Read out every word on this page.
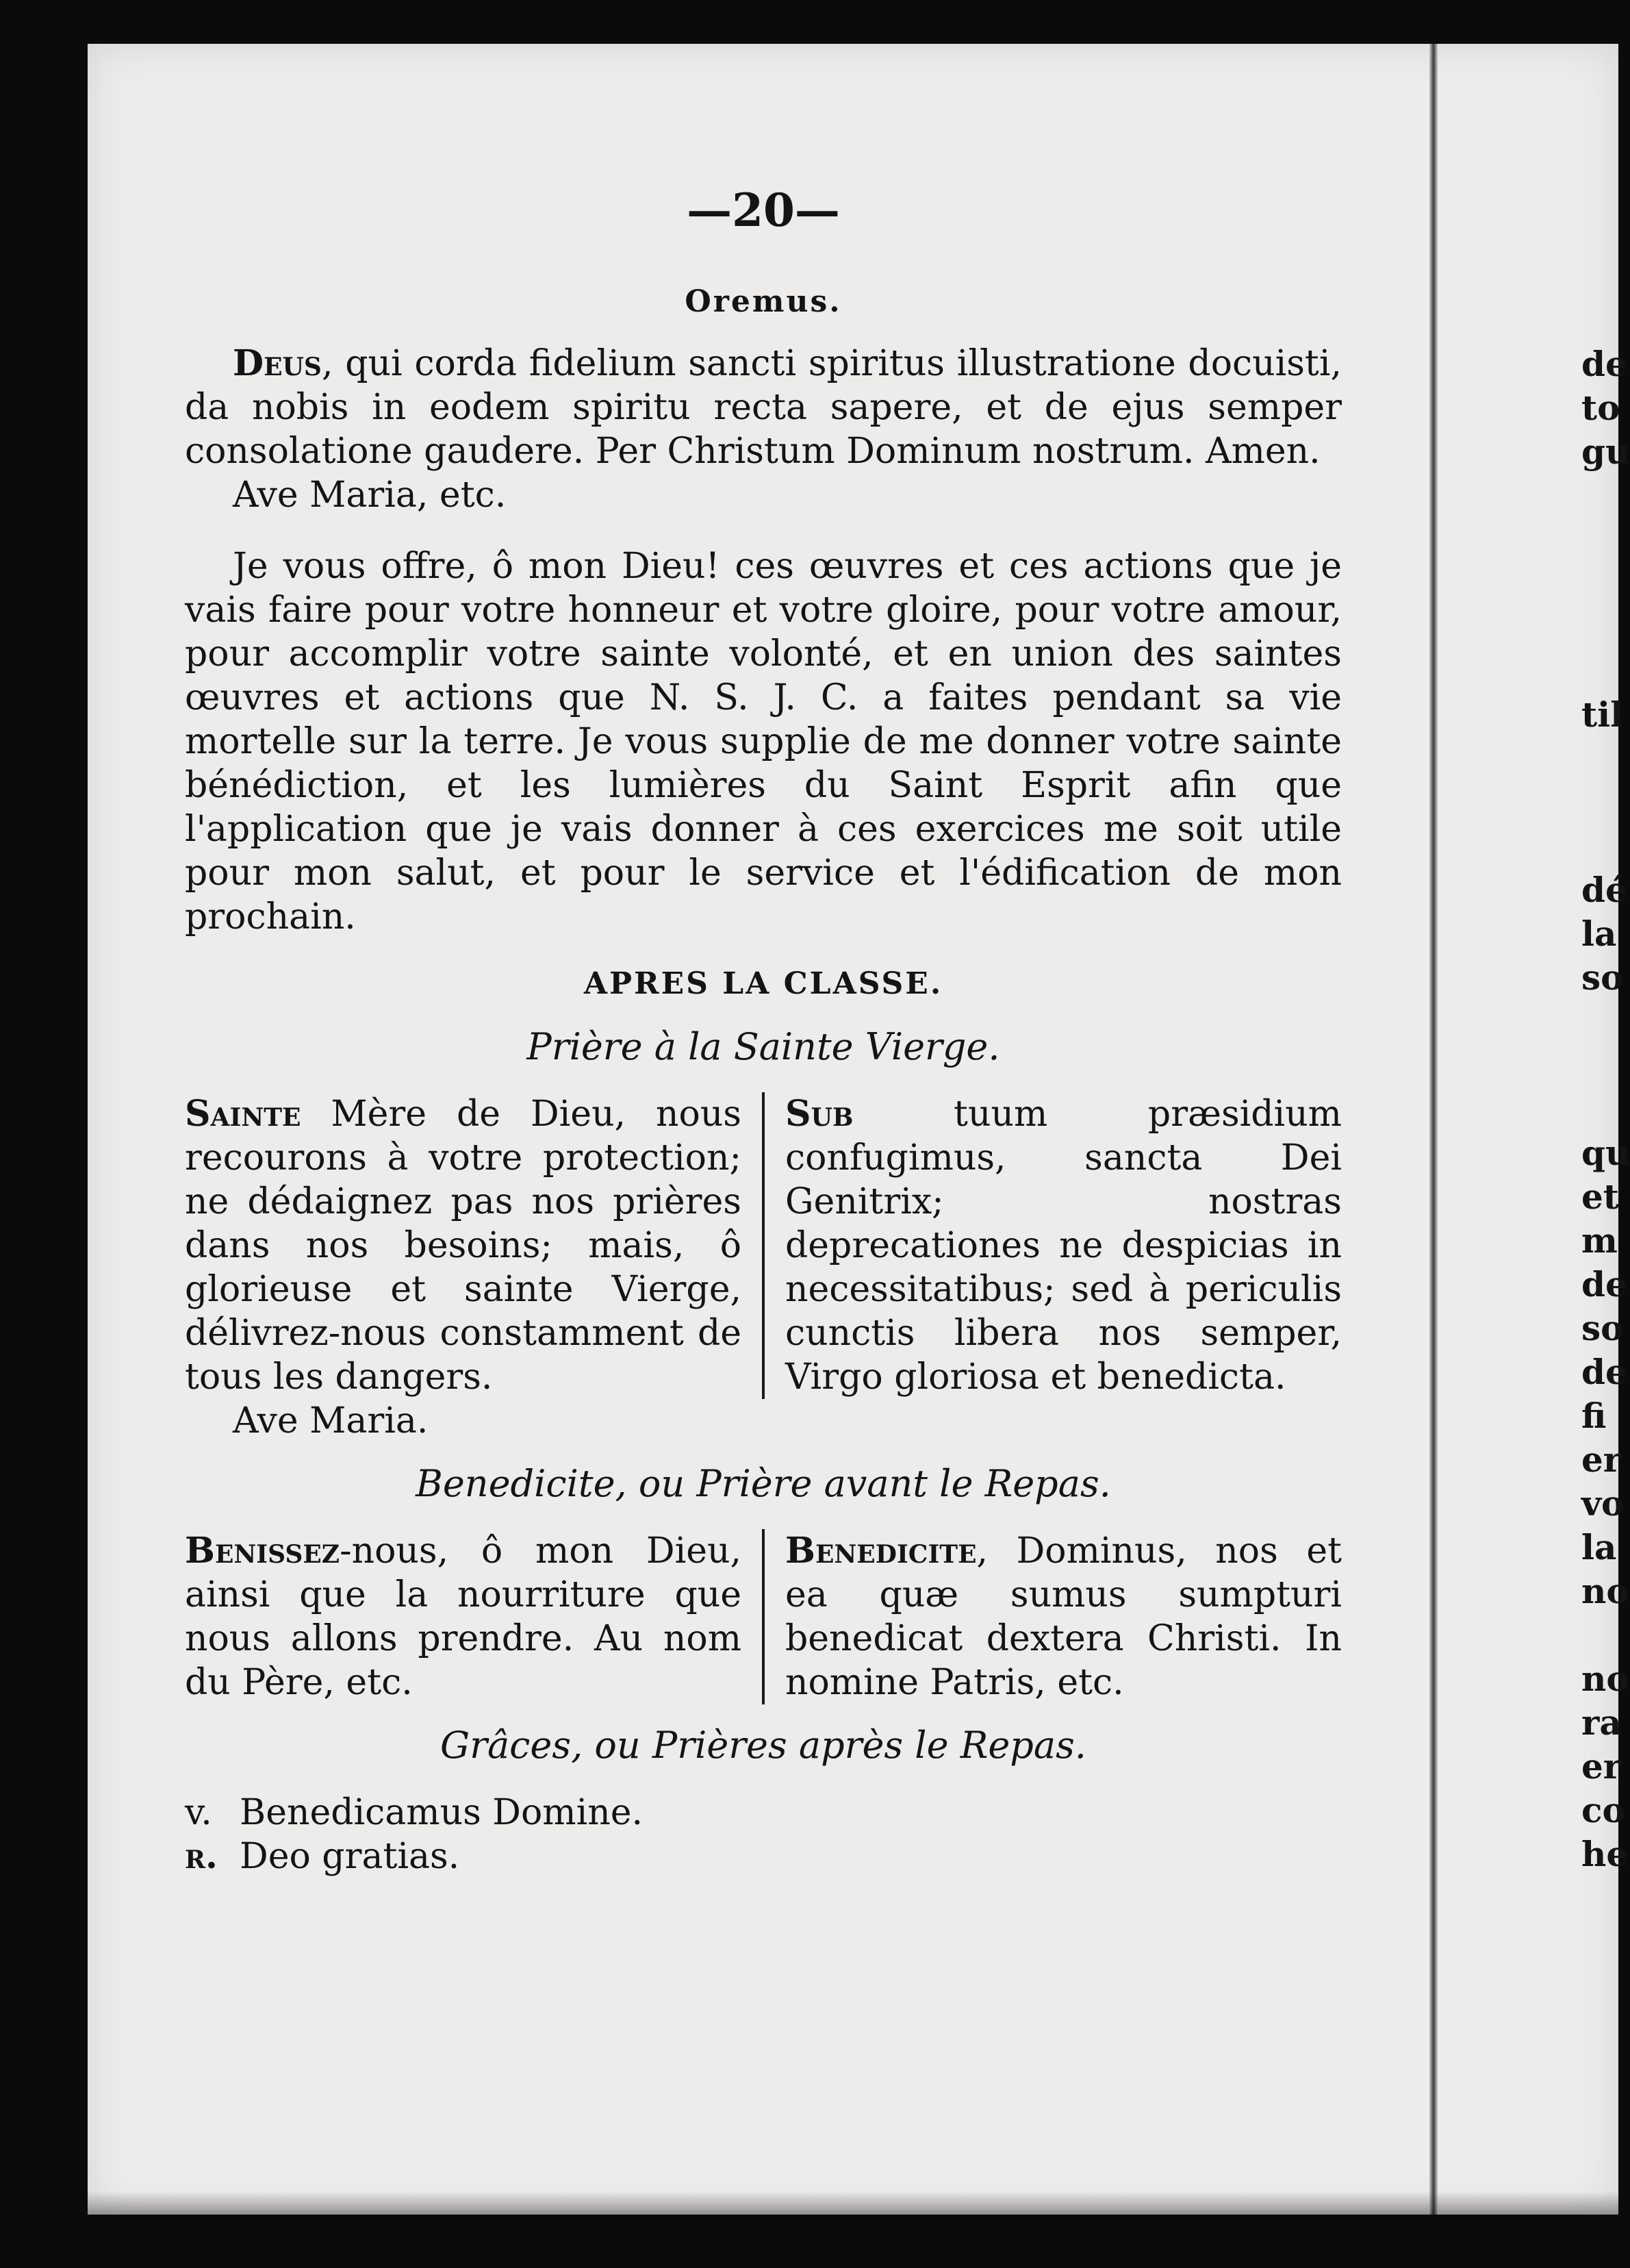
—20—
Oremus.

Deus, qui corda fidelium sancti spiritus illustratione docuisti, da nobis in eodem spiritu recta sapere, et de ejus semper consolatione gaudere. Per Christum Dominum nostrum. Amen.

Ave Maria, etc.

Je vous offre, ô mon Dieu! ces œuvres et ces actions que je vais faire pour votre honneur et votre gloire, pour votre amour, pour accomplir votre sainte volonté, et en union des saintes œuvres et actions que N. S. J. C. a faites pendant sa vie mortelle sur la terre. Je vous supplie de me donner votre sainte bénédiction, et les lumières du Saint Esprit afin que l'application que je vais donner à ces exercices me soit utile pour mon salut, et pour le service et l'édification de mon prochain.

APRES LA CLASSE.
Prière à la Sainte Vierge.
Sainte Mère de Dieu, nous recourons à votre protection; ne dédaignez pas nos prières dans nos besoins; mais, ô glorieuse et sainte Vierge, délivrez-nous constamment de tous les dangers.
Sub tuum præsidium confugimus, sancta Dei Genitrix; nostras deprecationes ne despicias in necessitatibus; sed à periculis cunctis libera nos semper, Virgo gloriosa et benedicta.

Ave Maria.

Benedicite, ou Prière avant le Repas.
Benissez-nous, ô mon Dieu, ainsi que la nourriture que nous allons prendre. Au nom du Père, etc.
Benedicite, Dominus, nos et ea quæ sumus sumpturi benedicat dextera Christi. In nomine Patris, etc.
Grâces, ou Prières après le Repas.
v. Benedicamus Domine.
r. Deo gratias.
de
to
gu

til

dé
la
so

qu
et
m
de
so
de
fi
er
vo
la
no

no
ra
er
co
he
